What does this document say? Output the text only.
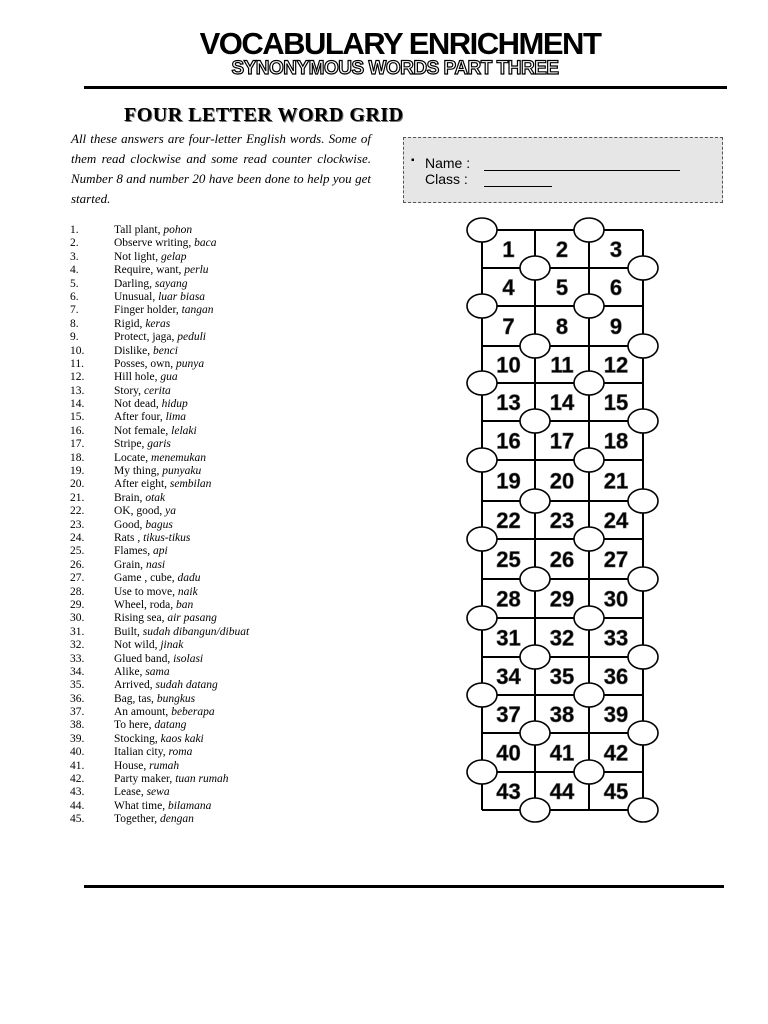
VOCABULARY ENRICHMENT
SYNONYMOUS WORDS PART THREE
FOUR LETTER WORD GRID
All these answers are four-letter English words. Some of them read clockwise and some read counter clockwise. Number 8 and number 20 have been done to help you get started.
▪ Name :
Class :
1.	Tall plant, pohon
2.	Observe writing, baca
3.	Not light, gelap
4.	Require, want, perlu
5.	Darling, sayang
6.	Unusual, luar biasa
7.	Finger holder, tangan
8.	Rigid, keras
9.	Protect, jaga, peduli
10.	Dislike, benci
11.	Posses, own, punya
12.	Hill hole, gua
13.	Story, cerita
14.	Not dead, hidup
15.	After four, lima
16.	Not female, lelaki
17.	Stripe, garis
18.	Locate, menemukan
19.	My thing, punyaku
20.	After eight, sembilan
21.	Brain, otak
22.	OK, good, ya
23.	Good, bagus
24.	Rats , tikus-tikus
25.	Flames, api
26.	Grain, nasi
27.	Game , cube, dadu
28.	Use to move, naik
29.	Wheel, roda, ban
30.	Rising sea, air pasang
31.	Built, sudah dibangun/dibuat
32.	Not wild, jinak
33.	Glued band, isolasi
34.	Alike, sama
35.	Arrived, sudah datang
36.	Bag, tas, bungkus
37.	An amount, beberapa
38.	To here, datang
39.	Stocking, kaos kaki
40.	Italian city, roma
41.	House, rumah
42.	Party maker, tuan rumah
43.	Lease, sewa
44.	What time, bilamana
45.	Together, dengan
1 2 3
4 5 6
7 8 9
10 11 12
13 14 15
16 17 18
19 20 21
22 23 24
25 26 27
28 29 30
31 32 33
34 35 36
37 38 39
40 41 42
43 44 45
